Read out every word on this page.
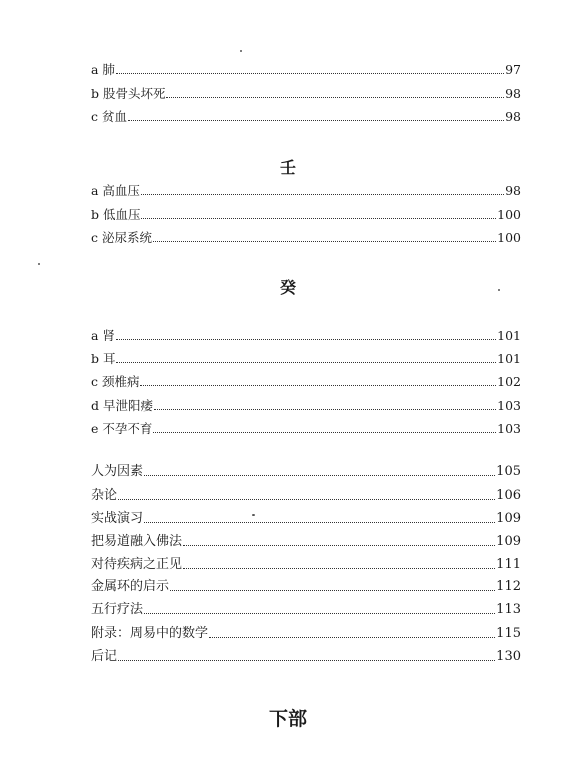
a 肺	97
b 股骨头坏死	98
c 贫血	98
壬
a 高血压	98
b 低血压	100
c 泌尿系统	100
癸
a 肾	101
b 耳	101
c 颈椎病	102
d 早泄阳痿	103
e 不孕不育	103
人为因素	105
杂论	106
实战演习	109
把易道融入佛法	109
对待疾病之正见	111
金属环的启示	112
五行疗法	113
附录：周易中的数学	115
后记	130
下部
